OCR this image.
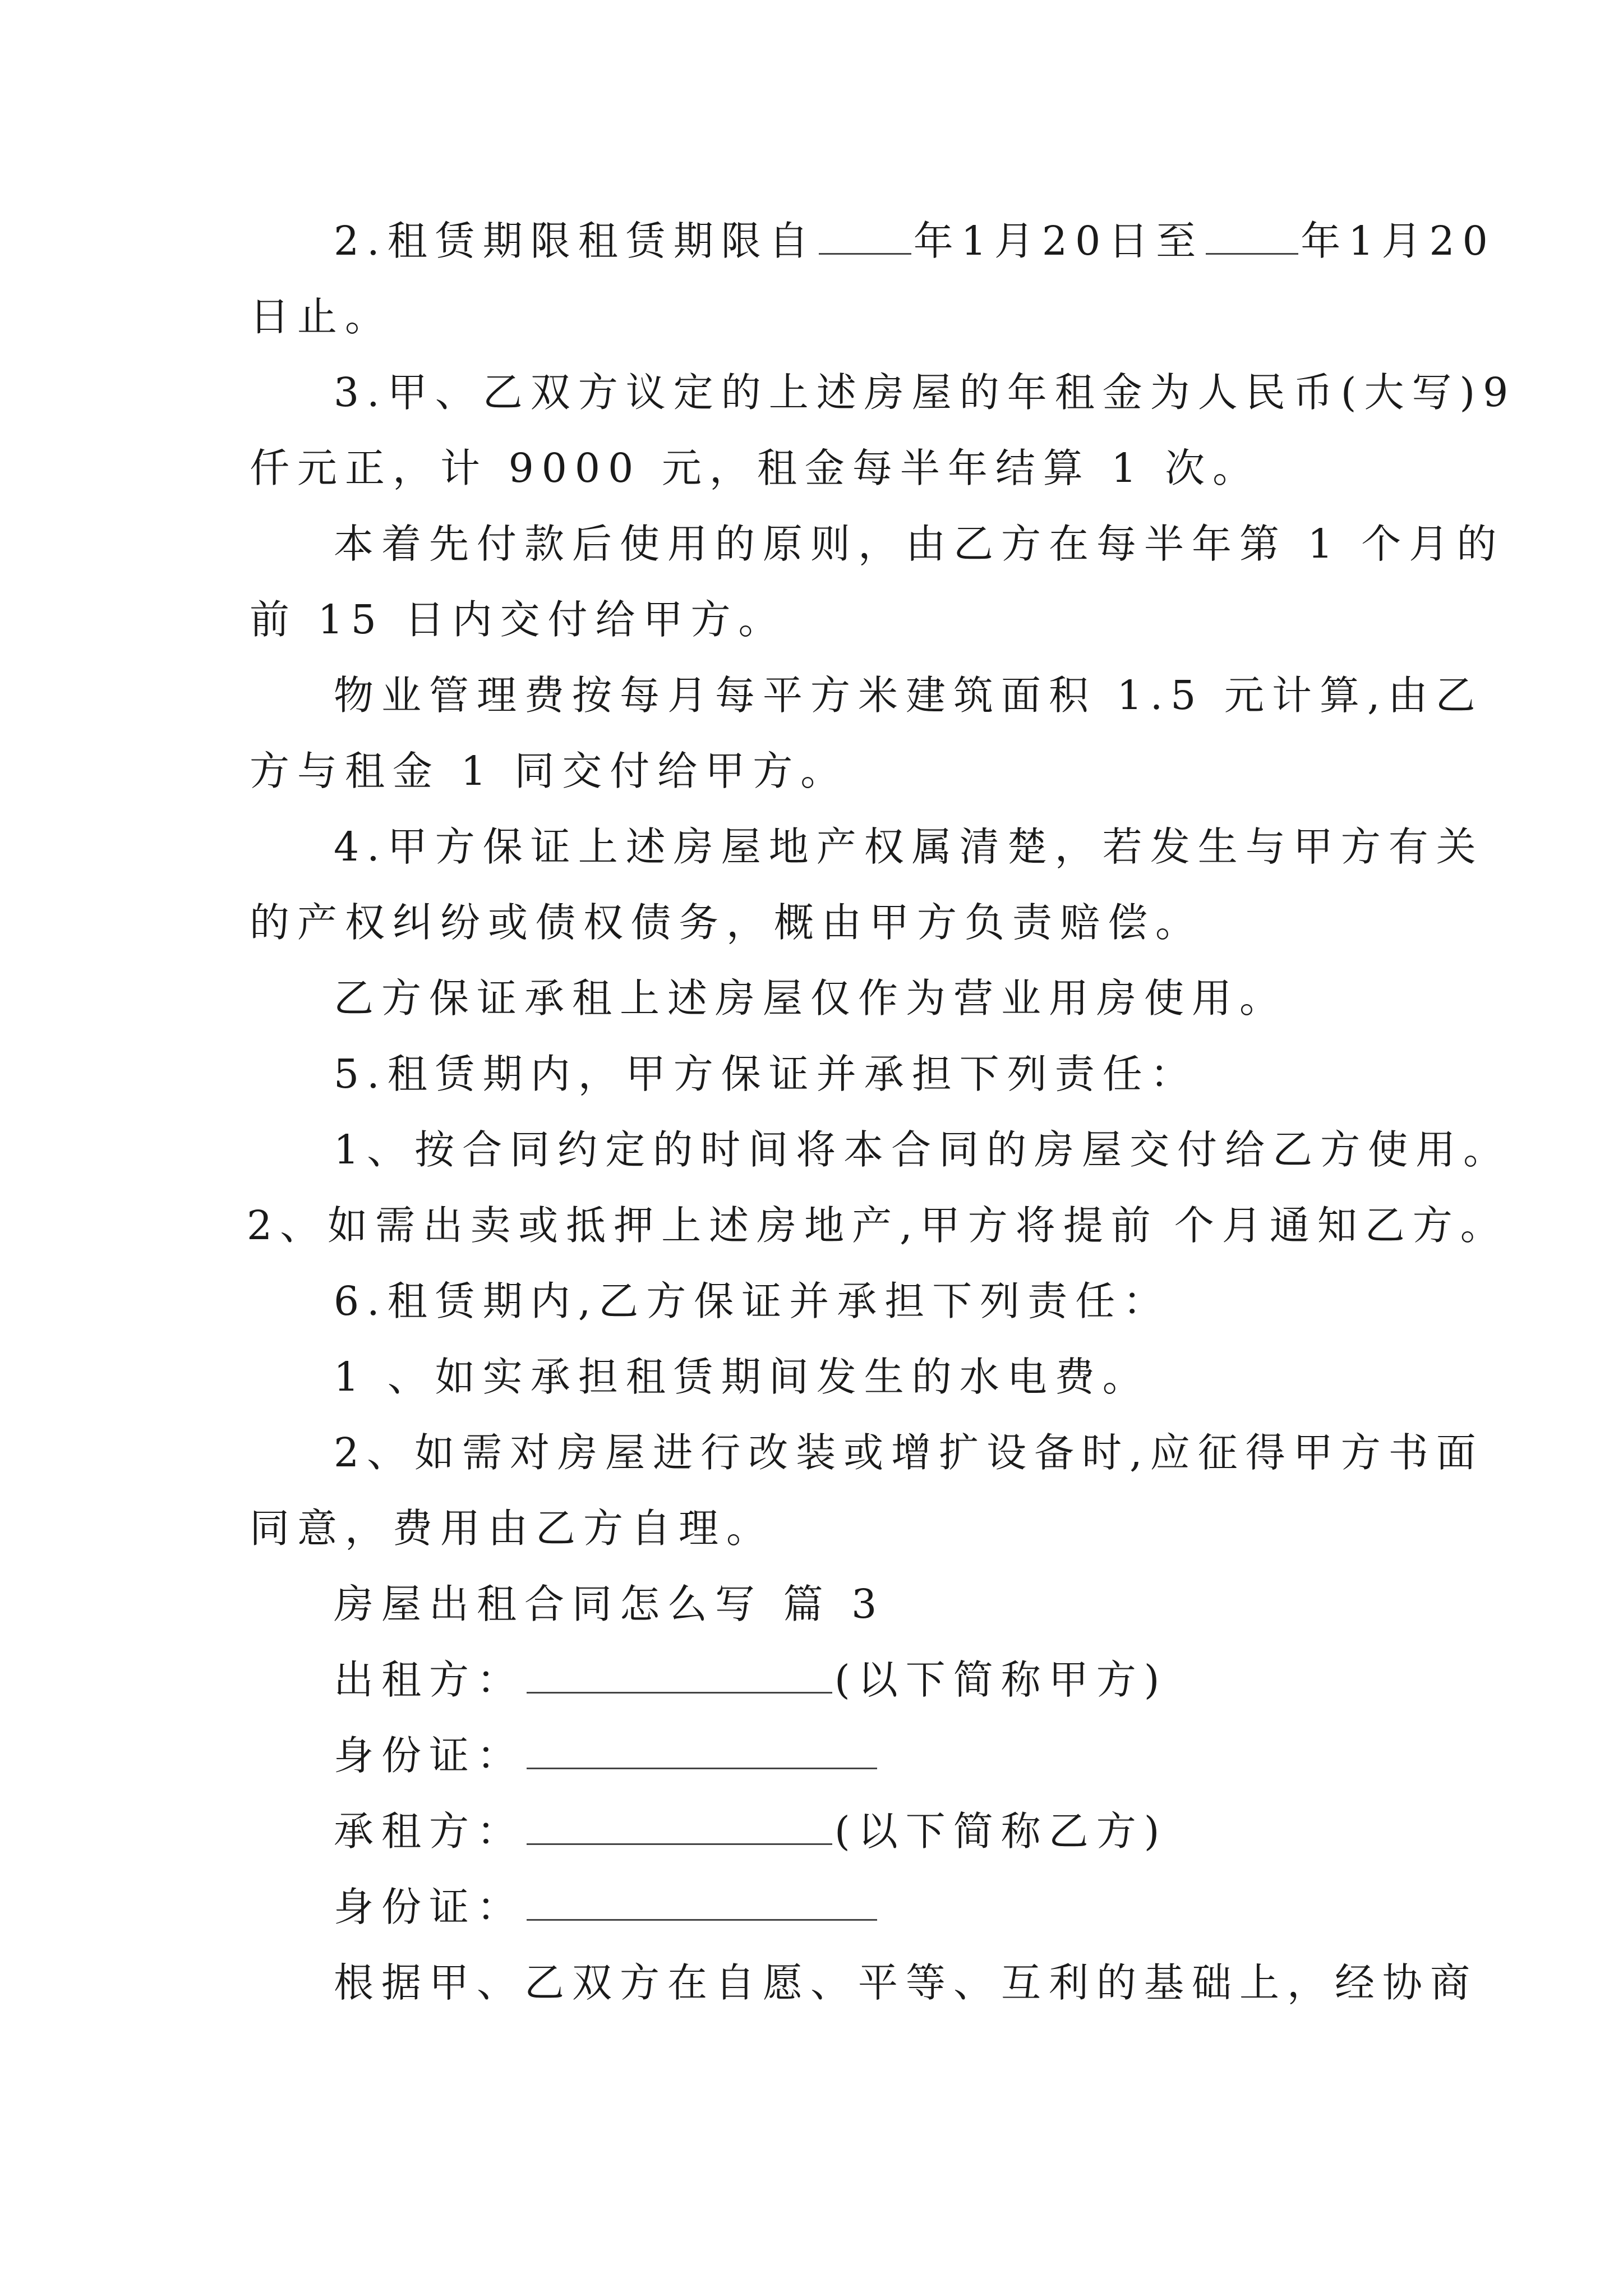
2.租赁期限租赁期限自 年1月20日至 年1月20
日止。
3.甲、乙双方议定的上述房屋的年租金为人民币(大写)9
仟元正，计 9000 元，租金每半年结算 1 次。
本着先付款后使用的原则，由乙方在每半年第 1 个月的
前 15 日内交付给甲方。
物业管理费按每月每平方米建筑面积 1.5 元计算,由乙
方与租金 1 同交付给甲方。
4.甲方保证上述房屋地产权属清楚，若发生与甲方有关
的产权纠纷或债权债务，概由甲方负责赔偿。
乙方保证承租上述房屋仅作为营业用房使用。
5.租赁期内，甲方保证并承担下列责任：
1、按合同约定的时间将本合同的房屋交付给乙方使用。
2、如需出卖或抵押上述房地产,甲方将提前 个月通知乙方。
6.租赁期内,乙方保证并承担下列责任：
1 、如实承担租赁期间发生的水电费。
2、如需对房屋进行改装或增扩设备时,应征得甲方书面
同意，费用由乙方自理。
房屋出租合同怎么写 篇 3
出租方：	(以下简称甲方)
身份证：
承租方：	(以下简称乙方)
身份证：
根据甲、乙双方在自愿、平等、互利的基础上，经协商
